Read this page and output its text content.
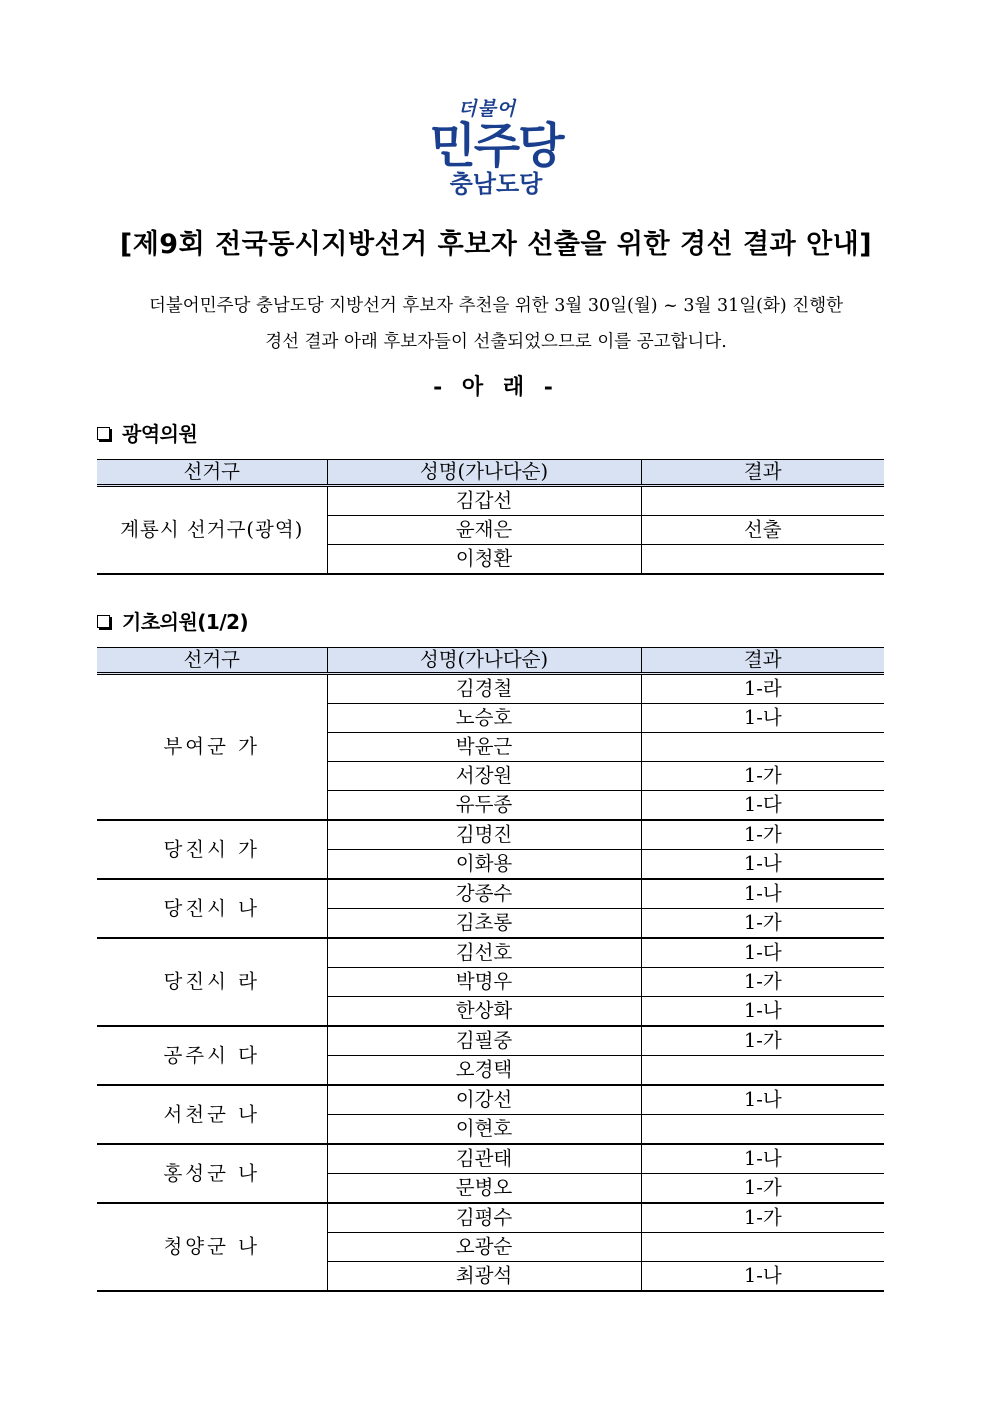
더불어
민주당
충남도당
[제9회 전국동시지방선거 후보자 선출을 위한 경선 결과 안내]
더불어민주당 충남도당 지방선거 후보자 추천을 위한 3월 30일(월) ~ 3월 31일(화) 진행한
경선 결과 아래 후보자들이 선출되었으므로 이를 공고합니다.
- 아 래 -
광역의원
선거구	성명(가나다순)	결과
계룡시 선거구(광역)	김갑선	
	윤재은	선출
	이청환	
기초의원(1/2)
선거구	성명(가나다순)	결과
부여군 가	김경철	1-라
	노승호	1-나
	박윤근	
	서장원	1-가
	유두종	1-다
당진시 가	김명진	1-가
	이화용	1-나
당진시 나	강종수	1-나
	김초롱	1-가
당진시 라	김선호	1-다
	박명우	1-가
	한상화	1-나
공주시 다	김필중	1-가
	오경택	
서천군 나	이강선	1-나
	이현호	
홍성군 나	김관태	1-나
	문병오	1-가
청양군 나	김평수	1-가
	오광순	
	최광석	1-나
